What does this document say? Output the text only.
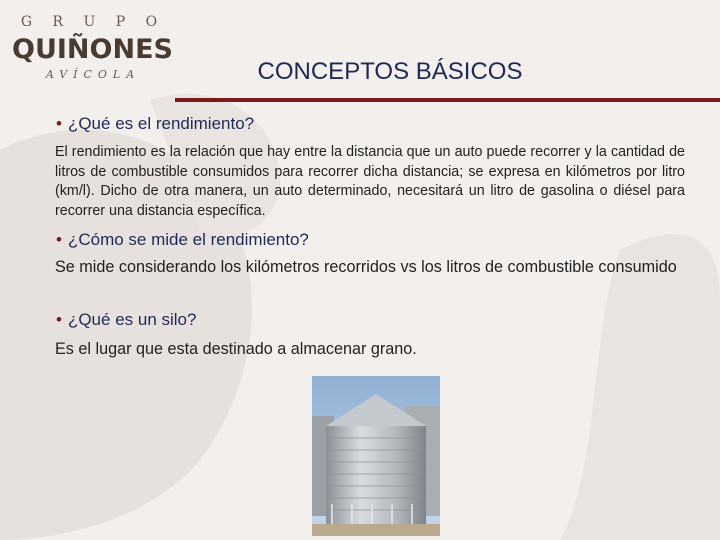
G R U P O
QUIÑONES
AVÍCOLA	CONCEPTOS BÁSICOS
• ¿Qué es el rendimiento?
El rendimiento es la relación que hay entre la distancia que un auto puede recorrer y la cantidad de litros de combustible consumidos para recorrer dicha distancia; se expresa en kilómetros por litro (km/l). Dicho de otra manera, un auto determinado, necesitará un litro de gasolina o diésel para recorrer una distancia específica.
• ¿Cómo se mide el rendimiento?
Se mide considerando los kilómetros recorridos vs los litros de combustible consumido
• ¿Qué es un silo?
Es el lugar que esta destinado a almacenar grano.
